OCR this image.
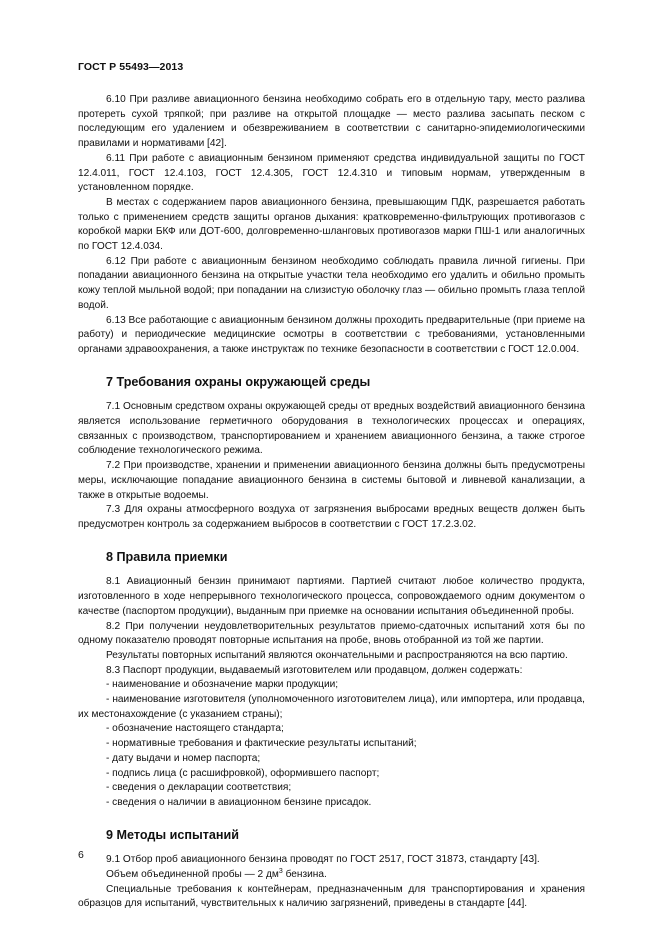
ГОСТ Р 55493—2013

6.10 При разливе авиационного бензина необходимо собрать его в отдельную тару, место разлива протереть сухой тряпкой; при разливе на открытой площадке — место разлива засыпать песком с последующим его удалением и обезвреживанием в соответствии с санитарно-эпидемиологическими правилами и нормативами [42].

6.11 При работе с авиационным бензином применяют средства индивидуальной защиты по ГОСТ 12.4.011, ГОСТ 12.4.103, ГОСТ 12.4.305, ГОСТ 12.4.310 и типовым нормам, утвержденным в установленном порядке.

В местах с содержанием паров авиационного бензина, превышающим ПДК, разрешается работать только с применением средств защиты органов дыхания: кратковременно-фильтрующих противогазов с коробкой марки БКФ или ДОТ-600, долговременно-шланговых противогазов марки ПШ-1 или аналогичных по ГОСТ 12.4.034.

6.12 При работе с авиационным бензином необходимо соблюдать правила личной гигиены. При попадании авиационного бензина на открытые участки тела необходимо его удалить и обильно промыть кожу теплой мыльной водой; при попадании на слизистую оболочку глаз — обильно промыть глаза теплой водой.

6.13 Все работающие с авиационным бензином должны проходить предварительные (при приеме на работу) и периодические медицинские осмотры в соответствии с требованиями, установленными органами здравоохранения, а также инструктаж по технике безопасности в соответствии с ГОСТ 12.0.004.

7 Требования охраны окружающей среды

7.1 Основным средством охраны окружающей среды от вредных воздействий авиационного бензина является использование герметичного оборудования в технологических процессах и операциях, связанных с производством, транспортированием и хранением авиационного бензина, а также строгое соблюдение технологического режима.

7.2 При производстве, хранении и применении авиационного бензина должны быть предусмотрены меры, исключающие попадание авиационного бензина в системы бытовой и ливневой канализации, а также в открытые водоемы.

7.3 Для охраны атмосферного воздуха от загрязнения выбросами вредных веществ должен быть предусмотрен контроль за содержанием выбросов в соответствии с ГОСТ 17.2.3.02.

8 Правила приемки

8.1 Авиационный бензин принимают партиями. Партией считают любое количество продукта, изготовленного в ходе непрерывного технологического процесса, сопровождаемого одним документом о качестве (паспортом продукции), выданным при приемке на основании испытания объединенной пробы.

8.2 При получении неудовлетворительных результатов приемо-сдаточных испытаний хотя бы по одному показателю проводят повторные испытания на пробе, вновь отобранной из той же партии.

Результаты повторных испытаний являются окончательными и распространяются на всю партию.

8.3 Паспорт продукции, выдаваемый изготовителем или продавцом, должен содержать:

- наименование и обозначение марки продукции;

- наименование изготовителя (уполномоченного изготовителем лица), или импортера, или продавца, их местонахождение (с указанием страны);

- обозначение настоящего стандарта;

- нормативные требования и фактические результаты испытаний;

- дату выдачи и номер паспорта;

- подпись лица (с расшифровкой), оформившего паспорт;

- сведения о декларации соответствия;

- сведения о наличии в авиационном бензине присадок.

9 Методы испытаний

9.1 Отбор проб авиационного бензина проводят по ГОСТ 2517, ГОСТ 31873, стандарту [43].

Объем объединенной пробы — 2 $дм^3$ бензина.

Специальные требования к контейнерам, предназначенным для транспортирования и хранения образцов для испытаний, чувствительных к наличию загрязнений, приведены в стандарте [44].

6
